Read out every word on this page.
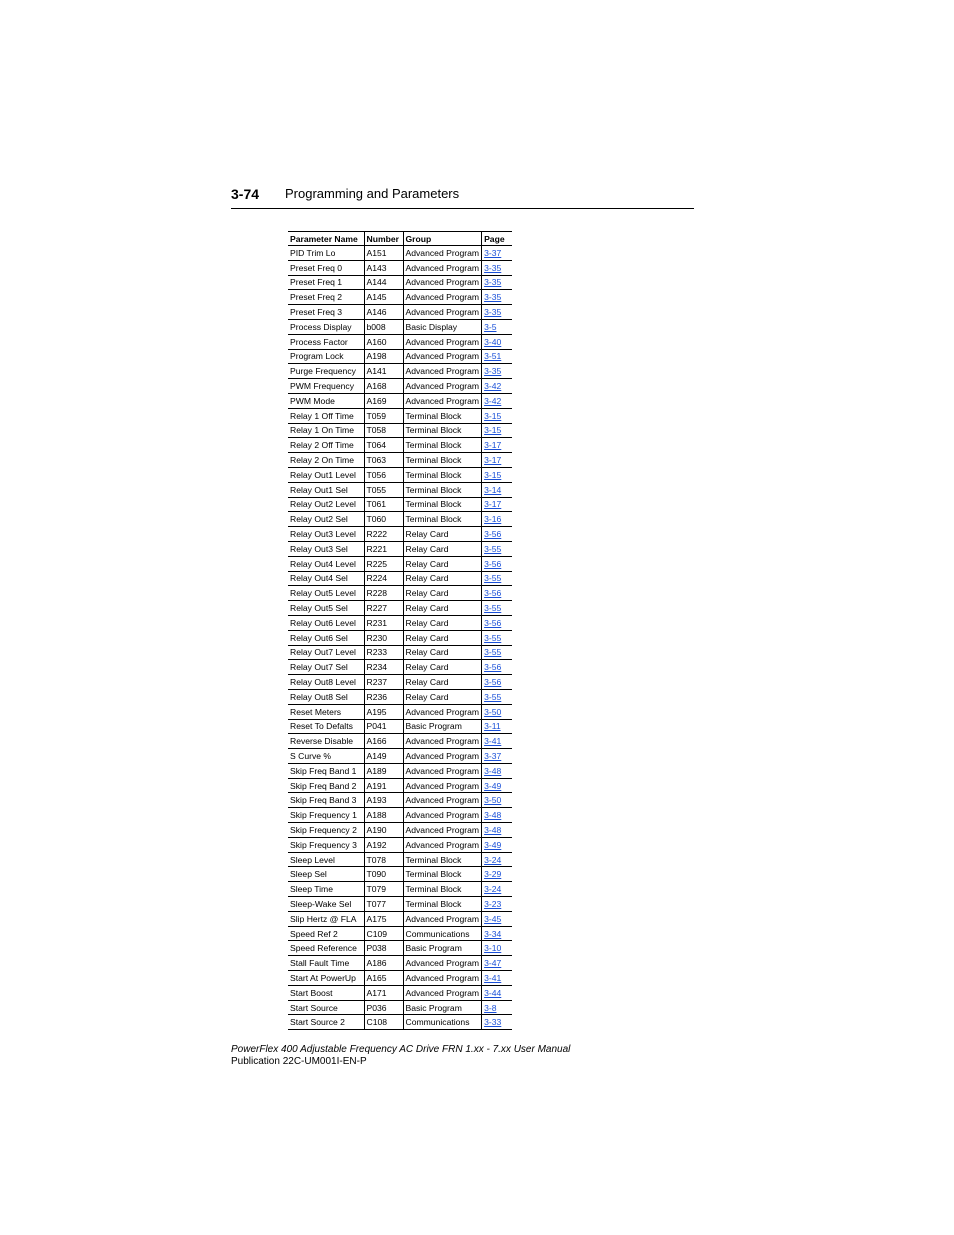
3-74 Programming and Parameters
Parameter Name	Number	Group	Page
PID Trim Lo	A151	Advanced Program	3-37
Preset Freq 0	A143	Advanced Program	3-35
Preset Freq 1	A144	Advanced Program	3-35
Preset Freq 2	A145	Advanced Program	3-35
Preset Freq 3	A146	Advanced Program	3-35
Process Display	b008	Basic Display	3-5
Process Factor	A160	Advanced Program	3-40
Program Lock	A198	Advanced Program	3-51
Purge Frequency	A141	Advanced Program	3-35
PWM Frequency	A168	Advanced Program	3-42
PWM Mode	A169	Advanced Program	3-42
Relay 1 Off Time	T059	Terminal Block	3-15
Relay 1 On Time	T058	Terminal Block	3-15
Relay 2 Off Time	T064	Terminal Block	3-17
Relay 2 On Time	T063	Terminal Block	3-17
Relay Out1 Level	T056	Terminal Block	3-15
Relay Out1 Sel	T055	Terminal Block	3-14
Relay Out2 Level	T061	Terminal Block	3-17
Relay Out2 Sel	T060	Terminal Block	3-16
Relay Out3 Level	R222	Relay Card	3-56
Relay Out3 Sel	R221	Relay Card	3-55
Relay Out4 Level	R225	Relay Card	3-56
Relay Out4 Sel	R224	Relay Card	3-55
Relay Out5 Level	R228	Relay Card	3-56
Relay Out5 Sel	R227	Relay Card	3-55
Relay Out6 Level	R231	Relay Card	3-56
Relay Out6 Sel	R230	Relay Card	3-55
Relay Out7 Level	R233	Relay Card	3-55
Relay Out7 Sel	R234	Relay Card	3-56
Relay Out8 Level	R237	Relay Card	3-56
Relay Out8 Sel	R236	Relay Card	3-55
Reset Meters	A195	Advanced Program	3-50
Reset To Defalts	P041	Basic Program	3-11
Reverse Disable	A166	Advanced Program	3-41
S Curve %	A149	Advanced Program	3-37
Skip Freq Band 1	A189	Advanced Program	3-48
Skip Freq Band 2	A191	Advanced Program	3-49
Skip Freq Band 3	A193	Advanced Program	3-50
Skip Frequency 1	A188	Advanced Program	3-48
Skip Frequency 2	A190	Advanced Program	3-48
Skip Frequency 3	A192	Advanced Program	3-49
Sleep Level	T078	Terminal Block	3-24
Sleep Sel	T090	Terminal Block	3-29
Sleep Time	T079	Terminal Block	3-24
Sleep-Wake Sel	T077	Terminal Block	3-23
Slip Hertz @ FLA	A175	Advanced Program	3-45
Speed Ref 2	C109	Communications	3-34
Speed Reference	P038	Basic Program	3-10
Stall Fault Time	A186	Advanced Program	3-47
Start At PowerUp	A165	Advanced Program	3-41
Start Boost	A171	Advanced Program	3-44
Start Source	P036	Basic Program	3-8
Start Source 2	C108	Communications	3-33
PowerFlex 400 Adjustable Frequency AC Drive FRN 1.xx - 7.xx User Manual
Publication 22C-UM001I-EN-P
